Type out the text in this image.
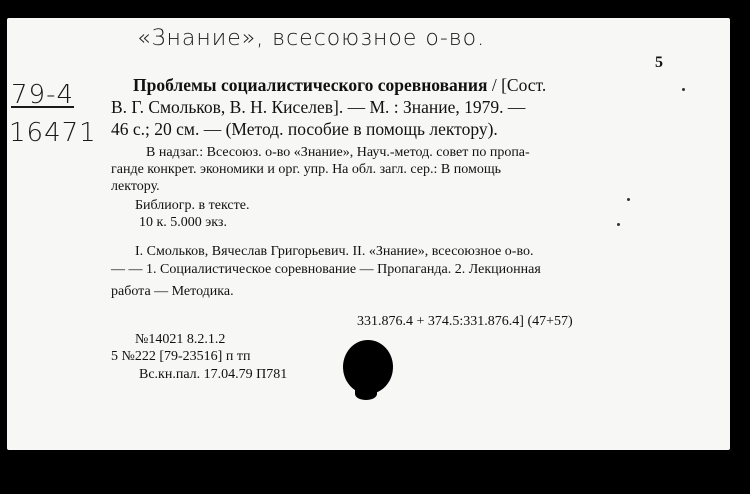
«Знание», всесоюзное о-во.
79-4
16471
5
Проблемы социалистического соревнования / [Сост.
В. Г. Смольков, В. Н. Киселев]. — М. : Знание, 1979. —
46 с.; 20 см. — (Метод. пособие в помощь лектору).
В надзаг.: Всесоюз. о-во «Знание», Науч.-метод. совет по пропа-
ганде конкрет. экономики и орг. упр. На обл. загл. сер.: В помощь
лектору.
Библиогр. в тексте.
10 к. 5.000 экз.
I. Смольков, Вячеслав Григорьевич. II. «Знание», всесоюзное о-во.
— — 1. Социалистическое соревнование — Пропаганда. 2. Лекционная
работа — Методика.
331.876.4 + 374.5:331.876.4] (47+57)
№14021 8.2.1.2
5 №222 [79-23516] п тп
Вс.кн.пал. 17.04.79 П781
